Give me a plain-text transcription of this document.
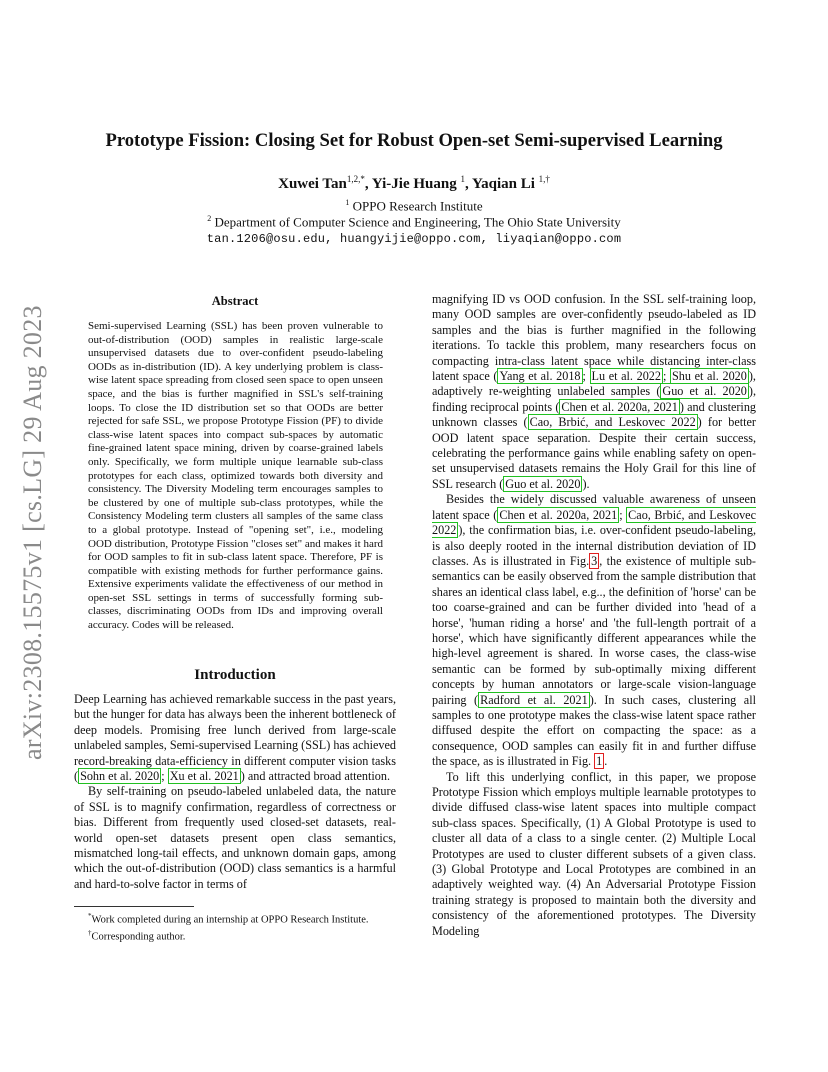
arXiv:2308.15575v1 [cs.LG] 29 Aug 2023
Prototype Fission: Closing Set for Robust Open-set Semi-supervised Learning
Xuwei Tan$^{1,2,*}$, Yi-Jie Huang $^1$, Yaqian Li $^{1,\dagger}$
$^1$ OPPO Research Institute
$^2$ Department of Computer Science and Engineering, The Ohio State University
tan.1206@osu.edu, huangyijie@oppo.com, liyaqian@oppo.com
Abstract

Semi-supervised Learning (SSL) has been proven vulnerable to out-of-distribution (OOD) samples in realistic large-scale unsupervised datasets due to over-confident pseudo-labeling OODs as in-distribution (ID). A key underlying problem is class-wise latent space spreading from closed seen space to open unseen space, and the bias is further magnified in SSL's self-training loops. To close the ID distribution set so that OODs are better rejected for safe SSL, we propose Prototype Fission (PF) to divide class-wise latent spaces into compact sub-spaces by automatic fine-grained latent space mining, driven by coarse-grained labels only. Specifically, we form multiple unique learnable sub-class prototypes for each class, optimized towards both diversity and consistency. The Diversity Modeling term encourages samples to be clustered by one of multiple sub-class prototypes, while the Consistency Modeling term clusters all samples of the same class to a global prototype. Instead of "opening set", i.e., modeling OOD distribution, Prototype Fission "closes set" and makes it hard for OOD samples to fit in sub-class latent space. Therefore, PF is compatible with existing methods for further performance gains. Extensive experiments validate the effectiveness of our method in open-set SSL settings in terms of successfully forming sub-classes, discriminating OODs from IDs and improving overall accuracy. Codes will be released.

Introduction

Deep Learning has achieved remarkable success in the past years, but the hunger for data has always been the inherent bottleneck of deep models. Promising free lunch derived from large-scale unlabeled samples, Semi-supervised Learning (SSL) has achieved record-breaking data-efficiency in different computer vision tasks ( Sohn et al. 2020 ; Xu et al. 2021 ) and attracted broad attention.

By self-training on pseudo-labeled unlabeled data, the nature of SSL is to magnify confirmation, regardless of correctness or bias. Different from frequently used closed-set datasets, real-world open-set datasets present open class semantics, mismatched long-tail effects, and unknown domain gaps, among which the out-of-distribution (OOD) class semantics is a harmful and hard-to-solve factor in terms of

magnifying ID vs OOD confusion. In the SSL self-training loop, many OOD samples are over-confidently pseudo-labeled as ID samples and the bias is further magnified in the following iterations. To tackle this problem, many researchers focus on compacting intra-class latent space while distancing inter-class latent space ( Yang et al. 2018 ; Lu et al. 2022 ; Shu et al. 2020 ), adaptively re-weighting unlabeled samples ( Guo et al. 2020 ), finding reciprocal points ( Chen et al. 2020a, 2021 ) and clustering unknown classes ( Cao, Brbić, and Leskovec 2022 ) for better OOD latent space separation. Despite their certain success, celebrating the performance gains while enabling safety on open-set unsupervised datasets remains the Holy Grail for this line of SSL research ( Guo et al. 2020 ).

Besides the widely discussed valuable awareness of unseen latent space ( Chen et al. 2020a, 2021 ; Cao, Brbić, and Leskovec 2022 ), the confirmation bias, i.e. over-confident pseudo-labeling, is also deeply rooted in the internal distribution deviation of ID classes. As is illustrated in Fig. 3 , the existence of multiple sub-semantics can be easily observed from the sample distribution that shares an identical class label, e.g.., the definition of 'horse' can be too coarse-grained and can be further divided into 'head of a horse', 'human riding a horse' and 'the full-length portrait of a horse', which have significantly different appearances while the high-level agreement is shared. In worse cases, the class-wise semantic can be formed by sub-optimally mixing different concepts by human annotators or large-scale vision-language pairing ( Radford et al. 2021 ). In such cases, clustering all samples to one prototype makes the class-wise latent space rather diffused despite the effort on compacting the space: as a consequence, OOD samples can easily fit in and further diffuse the space, as is illustrated in Fig. 1 .

To lift this underlying conflict, in this paper, we propose Prototype Fission which employs multiple learnable prototypes to divide diffused class-wise latent spaces into multiple compact sub-class spaces. Specifically, (1) A Global Prototype is used to cluster all data of a class to a single center. (2) Multiple Local Prototypes are used to cluster different subsets of a given class. (3) Global Prototype and Local Prototypes are combined in an adaptively weighted way. (4) An Adversarial Prototype Fission training strategy is proposed to maintain both the diversity and consistency of the aforementioned prototypes. The Diversity Modeling

*Work completed during an internship at OPPO Research Institute.

†Corresponding author.
